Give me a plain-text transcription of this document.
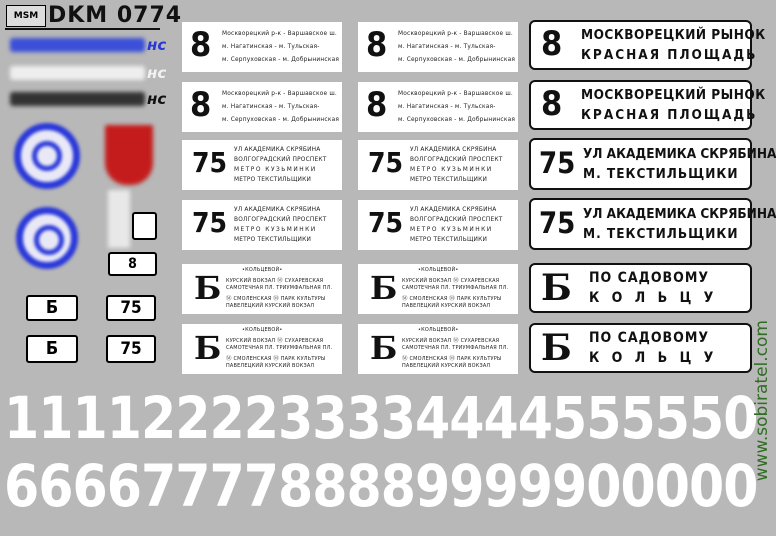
MSM DKM 0774
нс
нс
нс
8
Б	75
Б	75
8 Москворецкий р-к - Варшавское ш.
м. Нагатинская - м. Тульская-
м. Серпуховская - м. Добрынинская 8 Москворецкий р-к - Варшавское ш.
м. Нагатинская - м. Тульская-
м. Серпуховская - м. Добрынинская
8 Москворецкий р-к - Варшавское ш.
м. Нагатинская - м. Тульская-
м. Серпуховская - м. Добрынинская 8 Москворецкий р-к - Варшавское ш.
м. Нагатинская - м. Тульская-
м. Серпуховская - м. Добрынинская
8 МОСКВОРЕЦКИЙ РЫНОК
КРАСНАЯ ПЛОЩАДЬ
8 МОСКВОРЕЦКИЙ РЫНОК
КРАСНАЯ ПЛОЩАДЬ
75 УЛ АКАДЕМИКА СКРЯБИНА
ВОЛГОГРАДСКИЙ ПРОСПЕКТ
МЕТРО КУЗЬМИНКИ
МЕТРО ТЕКСТИЛЬЩИКИ 75 УЛ АКАДЕМИКА СКРЯБИНА
ВОЛГОГРАДСКИЙ ПРОСПЕКТ
МЕТРО КУЗЬМИНКИ
МЕТРО ТЕКСТИЛЬЩИКИ
75 УЛ АКАДЕМИКА СКРЯБИНА
ВОЛГОГРАДСКИЙ ПРОСПЕКТ
МЕТРО КУЗЬМИНКИ
МЕТРО ТЕКСТИЛЬЩИКИ 75 УЛ АКАДЕМИКА СКРЯБИНА
ВОЛГОГРАДСКИЙ ПРОСПЕКТ
МЕТРО КУЗЬМИНКИ
МЕТРО ТЕКСТИЛЬЩИКИ
75 УЛ АКАДЕМИКА СКРЯБИНА
М. ТЕКСТИЛЬЩИКИ
75 УЛ АКАДЕМИКА СКРЯБИНА
М. ТЕКСТИЛЬЩИКИ
Б	•КОЛЬЦЕВОЙ•
КУРСКИЙ ВОКЗАЛ Ⓜ СУХАРЕВСКАЯ
САМОТЕЧНАЯ ПЛ. ТРИУМФАЛЬНАЯ ПЛ.
Ⓜ СМОЛЕНСКАЯ Ⓜ ПАРК КУЛЬТУРЫ
ПАВЕЛЕЦКИЙ КУРСКИЙ ВОКЗАЛ Б	•КОЛЬЦЕВОЙ•
КУРСКИЙ ВОКЗАЛ Ⓜ СУХАРЕВСКАЯ
САМОТЕЧНАЯ ПЛ. ТРИУМФАЛЬНАЯ ПЛ.
Ⓜ СМОЛЕНСКАЯ Ⓜ ПАРК КУЛЬТУРЫ
ПАВЕЛЕЦКИЙ КУРСКИЙ ВОКЗАЛ
Б	•КОЛЬЦЕВОЙ•
КУРСКИЙ ВОКЗАЛ Ⓜ СУХАРЕВСКАЯ
САМОТЕЧНАЯ ПЛ. ТРИУМФАЛЬНАЯ ПЛ.
Ⓜ СМОЛЕНСКАЯ Ⓜ ПАРК КУЛЬТУРЫ
ПАВЕЛЕЦКИЙ КУРСКИЙ ВОКЗАЛ Б	•КОЛЬЦЕВОЙ•
КУРСКИЙ ВОКЗАЛ Ⓜ СУХАРЕВСКАЯ
САМОТЕЧНАЯ ПЛ. ТРИУМФАЛЬНАЯ ПЛ.
Ⓜ СМОЛЕНСКАЯ Ⓜ ПАРК КУЛЬТУРЫ
ПАВЕЛЕЦКИЙ КУРСКИЙ ВОКЗАЛ
Б ПО САДОВОМУ
К О Л Ь Ц У
Б ПО САДОВОМУ
К О Л Ь Ц У
1111222233334444555550
6666777788889999900000
www.sobiratel.com
